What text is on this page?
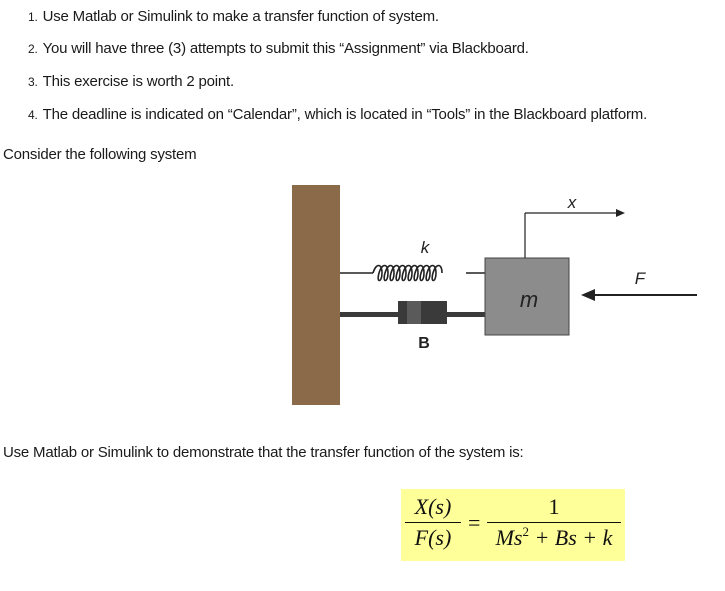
1. Use Matlab or Simulink to make a transfer function of system.
2. You will have three (3) attempts to submit this “Assignment” via Blackboard.
3. This exercise is worth 2 point.
4. The deadline is indicated on “Calendar”, which is located in “Tools” in the Blackboard platform.
Consider the following system
k
B
m
x
F
Use Matlab or Simulink to demonstrate that the transfer function of the system is:
X(s)
F(s)
=
1
$Ms^2 + Bs + k$
